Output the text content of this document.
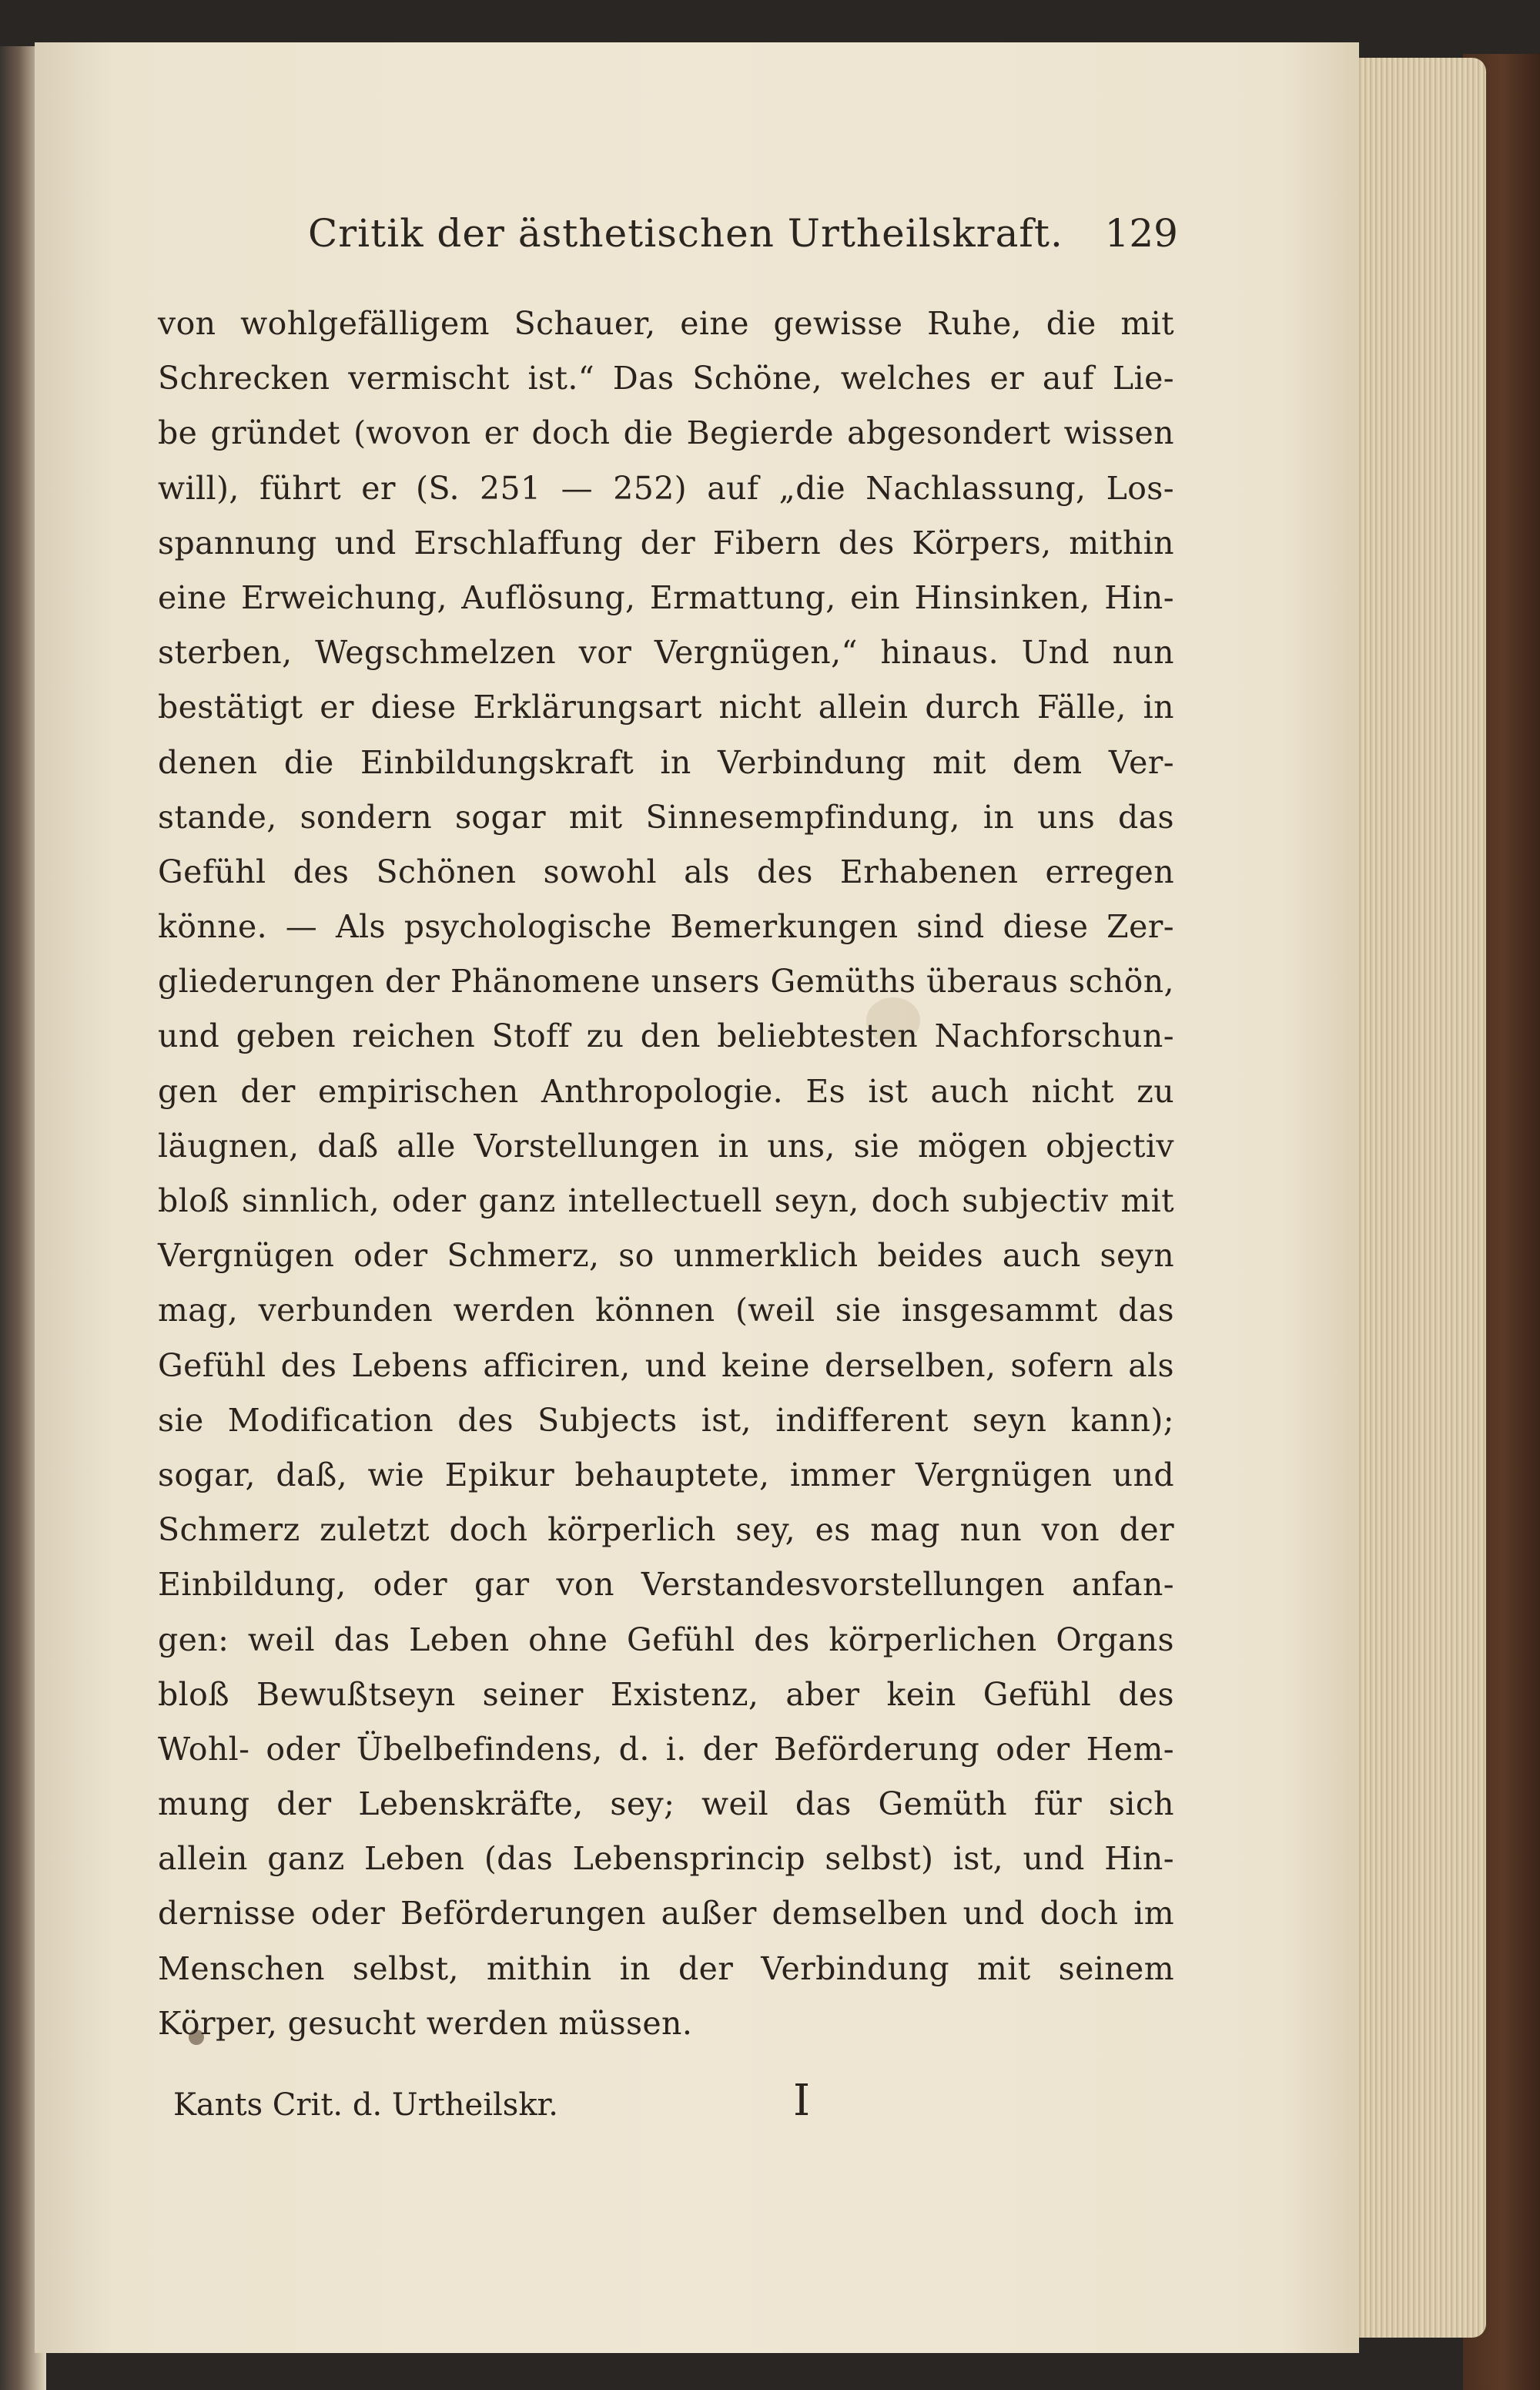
Critik der ästhetischen Urtheilskraft. 129
von wohlgefälligem Schauer, eine gewisse Ruhe, die mit
Schrecken vermischt ist.“ Das Schöne, welches er auf Lie-
be gründet (wovon er doch die Begierde abgesondert wissen
will), führt er (S. 251 — 252) auf „die Nachlassung, Los-
spannung und Erschlaffung der Fibern des Körpers, mithin
eine Erweichung, Auflösung, Ermattung, ein Hinsinken, Hin-
sterben, Wegschmelzen vor Vergnügen,“ hinaus. Und nun
bestätigt er diese Erklärungsart nicht allein durch Fälle, in
denen die Einbildungskraft in Verbindung mit dem Ver-
stande, sondern sogar mit Sinnesempfindung, in uns das
Gefühl des Schönen sowohl als des Erhabenen erregen
könne. — Als psychologische Bemerkungen sind diese Zer-
gliederungen der Phänomene unsers Gemüths überaus schön,
und geben reichen Stoff zu den beliebtesten Nachforschun-
gen der empirischen Anthropologie. Es ist auch nicht zu
läugnen, daß alle Vorstellungen in uns, sie mögen objectiv
bloß sinnlich, oder ganz intellectuell seyn, doch subjectiv mit
Vergnügen oder Schmerz, so unmerklich beides auch seyn
mag, verbunden werden können (weil sie insgesammt das
Gefühl des Lebens afficiren, und keine derselben, sofern als
sie Modification des Subjects ist, indifferent seyn kann);
sogar, daß, wie Epikur behauptete, immer Vergnügen und
Schmerz zuletzt doch körperlich sey, es mag nun von der
Einbildung, oder gar von Verstandesvorstellungen anfan-
gen: weil das Leben ohne Gefühl des körperlichen Organs
bloß Bewußtseyn seiner Existenz, aber kein Gefühl des
Wohl- oder Übelbefindens, d. i. der Beförderung oder Hem-
mung der Lebenskräfte, sey; weil das Gemüth für sich
allein ganz Leben (das Lebensprincip selbst) ist, und Hin-
dernisse oder Beförderungen außer demselben und doch im
Menschen selbst, mithin in der Verbindung mit seinem
Körper, gesucht werden müssen.
Kants Crit. d. Urtheilskr.	I
